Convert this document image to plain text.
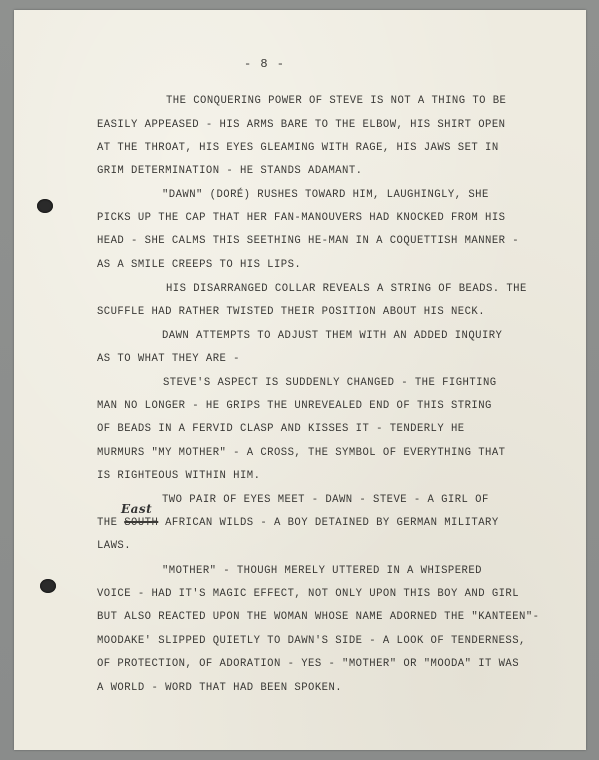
- 8 -
THE CONQUERING POWER OF STEVE IS NOT A THING TO BE
EASILY APPEASED - HIS ARMS BARE TO THE ELBOW, HIS SHIRT OPEN
AT THE THROAT, HIS EYES GLEAMING WITH RAGE, HIS JAWS SET IN
GRIM DETERMINATION - HE STANDS ADAMANT.
"DAWN" (DORÉ) RUSHES TOWARD HIM, LAUGHINGLY, SHE
PICKS UP THE CAP THAT HER FAN-MANOUVERS HAD KNOCKED FROM HIS
HEAD - SHE CALMS THIS SEETHING HE-MAN IN A COQUETTISH MANNER -
AS A SMILE CREEPS TO HIS LIPS.
HIS DISARRANGED COLLAR REVEALS A STRING OF BEADS. THE
SCUFFLE HAD RATHER TWISTED THEIR POSITION ABOUT HIS NECK.
DAWN ATTEMPTS TO ADJUST THEM WITH AN ADDED INQUIRY
AS TO WHAT THEY ARE -
STEVE'S ASPECT IS SUDDENLY CHANGED - THE FIGHTING
MAN NO LONGER - HE GRIPS THE UNREVEALED END OF THIS STRING
OF BEADS IN A FERVID CLASP AND KISSES IT - TENDERLY HE
MURMURS "MY MOTHER" - A CROSS, THE SYMBOL OF EVERYTHING THAT
IS RIGHTEOUS WITHIN HIM.
TWO PAIR OF EYES MEET - DAWN - STEVE - A GIRL OF
THE SOUTH AFRICAN WILDS - A BOY DETAINED BY GERMAN MILITARY
LAWS.
"MOTHER" - THOUGH MERELY UTTERED IN A WHISPERED
VOICE - HAD IT'S MAGIC EFFECT, NOT ONLY UPON THIS BOY AND GIRL
BUT ALSO REACTED UPON THE WOMAN WHOSE NAME ADORNED THE "KANTEEN"-
MOODAKE' SLIPPED QUIETLY TO DAWN'S SIDE - A LOOK OF TENDERNESS,
OF PROTECTION, OF ADORATION - YES - "MOTHER" OR "MOODA" IT WAS
A WORLD - WORD THAT HAD BEEN SPOKEN.
East
